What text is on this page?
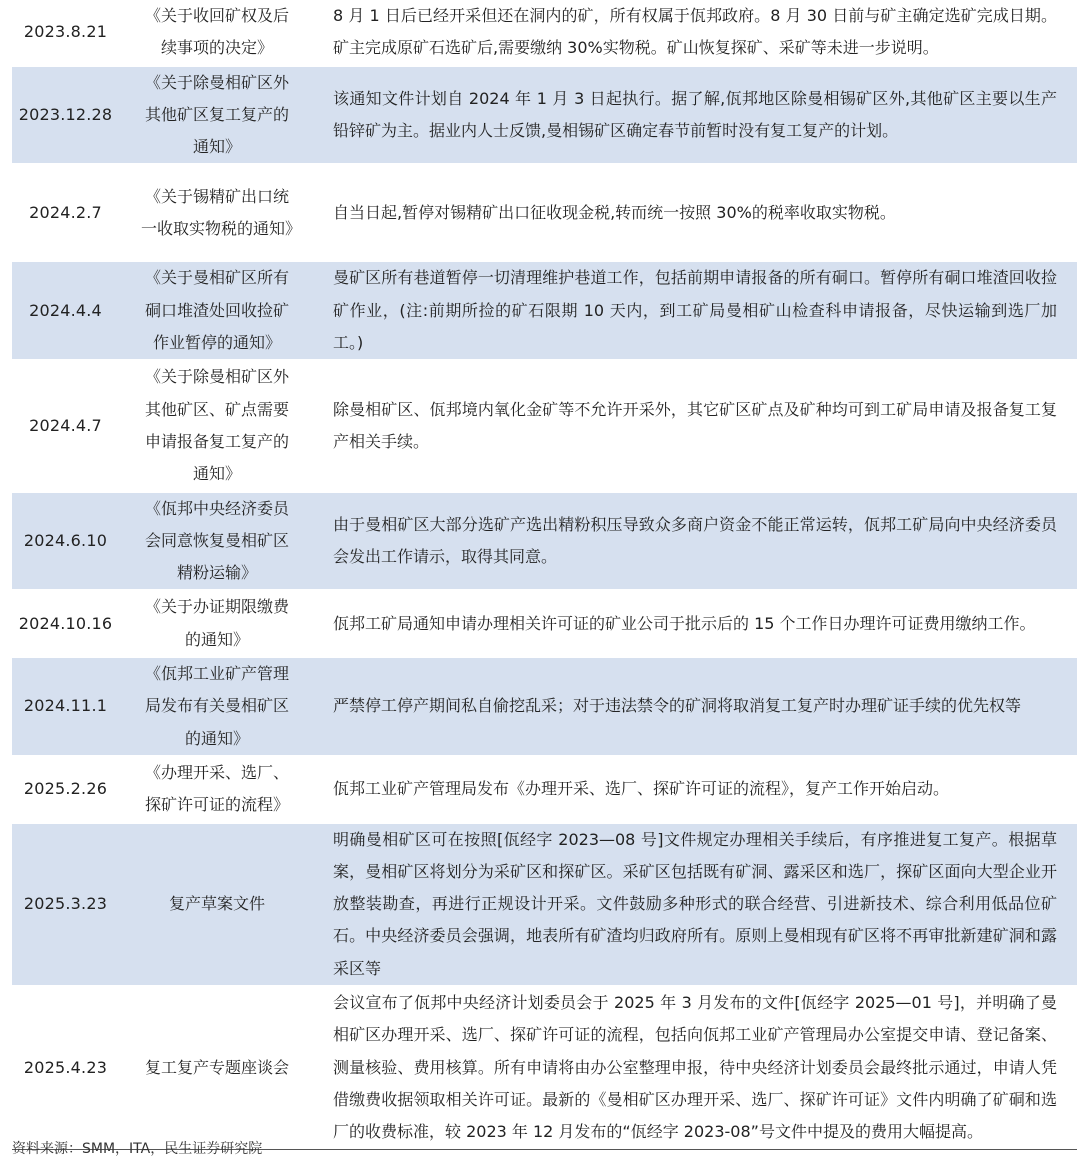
2023.8.21	《关于收回矿权及后续事项的决定》	8 月 1 日后已经开采但还在洞内的矿，所有权属于佤邦政府。8 月 30 日前与矿主确定选矿完成日期。矿主完成原矿石选矿后,需要缴纳 30%实物税。矿山恢复探矿、采矿等未进一步说明。
2023.12.28	《关于除曼相矿区外其他矿区复工复产的通知》	该通知文件计划自 2024 年 1 月 3 日起执行。据了解,佤邦地区除曼相锡矿区外,其他矿区主要以生产铅锌矿为主。据业内人士反馈,曼相锡矿区确定春节前暂时没有复工复产的计划。
2024.2.7	《关于锡精矿出口统一收取实物税的通知》	自当日起,暂停对锡精矿出口征收现金税,转而统一按照 30%的税率收取实物税。
2024.4.4	《关于曼相矿区所有硐口堆渣处回收捡矿作业暂停的通知》	曼矿区所有巷道暂停一切清理维护巷道工作，包括前期申请报备的所有硐口。暂停所有硐口堆渣回收捡矿作业，(注:前期所捡的矿石限期 10 天内，到工矿局曼相矿山检查科申请报备，尽快运输到选厂加工。)
2024.4.7	《关于除曼相矿区外其他矿区、矿点需要申请报备复工复产的通知》	除曼相矿区、佤邦境内氧化金矿等不允许开采外，其它矿区矿点及矿种均可到工矿局申请及报备复工复产相关手续。
2024.6.10	《佤邦中央经济委员会同意恢复曼相矿区精粉运输》	由于曼相矿区大部分选矿产选出精粉积压导致众多商户资金不能正常运转，佤邦工矿局向中央经济委员会发出工作请示，取得其同意。
2024.10.16	《关于办证期限缴费的通知》	佤邦工矿局通知申请办理相关许可证的矿业公司于批示后的 15 个工作日办理许可证费用缴纳工作。
2024.11.1	《佤邦工业矿产管理局发布有关曼相矿区的通知》	严禁停工停产期间私自偷挖乱采；对于违法禁令的矿洞将取消复工复产时办理矿证手续的优先权等
2025.2.26	《办理开采、选厂、探矿许可证的流程》	佤邦工业矿产管理局发布《办理开采、选厂、探矿许可证的流程》，复产工作开始启动。
2025.3.23	复产草案文件	明确曼相矿区可在按照[佤经字 2023—08 号]文件规定办理相关手续后，有序推进复工复产。根据草案，曼相矿区将划分为采矿区和探矿区。采矿区包括既有矿洞、露采区和选厂，探矿区面向大型企业开放整装勘查，再进行正规设计开采。文件鼓励多种形式的联合经营、引进新技术、综合利用低品位矿石。中央经济委员会强调，地表所有矿渣均归政府所有。原则上曼相现有矿区将不再审批新建矿洞和露采区等
2025.4.23	复工复产专题座谈会	会议宣布了佤邦中央经济计划委员会于 2025 年 3 月发布的文件[佤经字 2025—01 号]，并明确了曼相矿区办理开采、选厂、探矿许可证的流程，包括向佤邦工业矿产管理局办公室提交申请、登记备案、测量核验、费用核算。所有申请将由办公室整理申报，待中央经济计划委员会最终批示通过，申请人凭借缴费收据领取相关许可证。最新的《曼相矿区办理开采、选厂、探矿许可证》文件内明确了矿硐和选厂的收费标准，较 2023 年 12 月发布的“佤经字 2023-08”号文件中提及的费用大幅提高。
资料来源：SMM，ITA，民生证券研究院
